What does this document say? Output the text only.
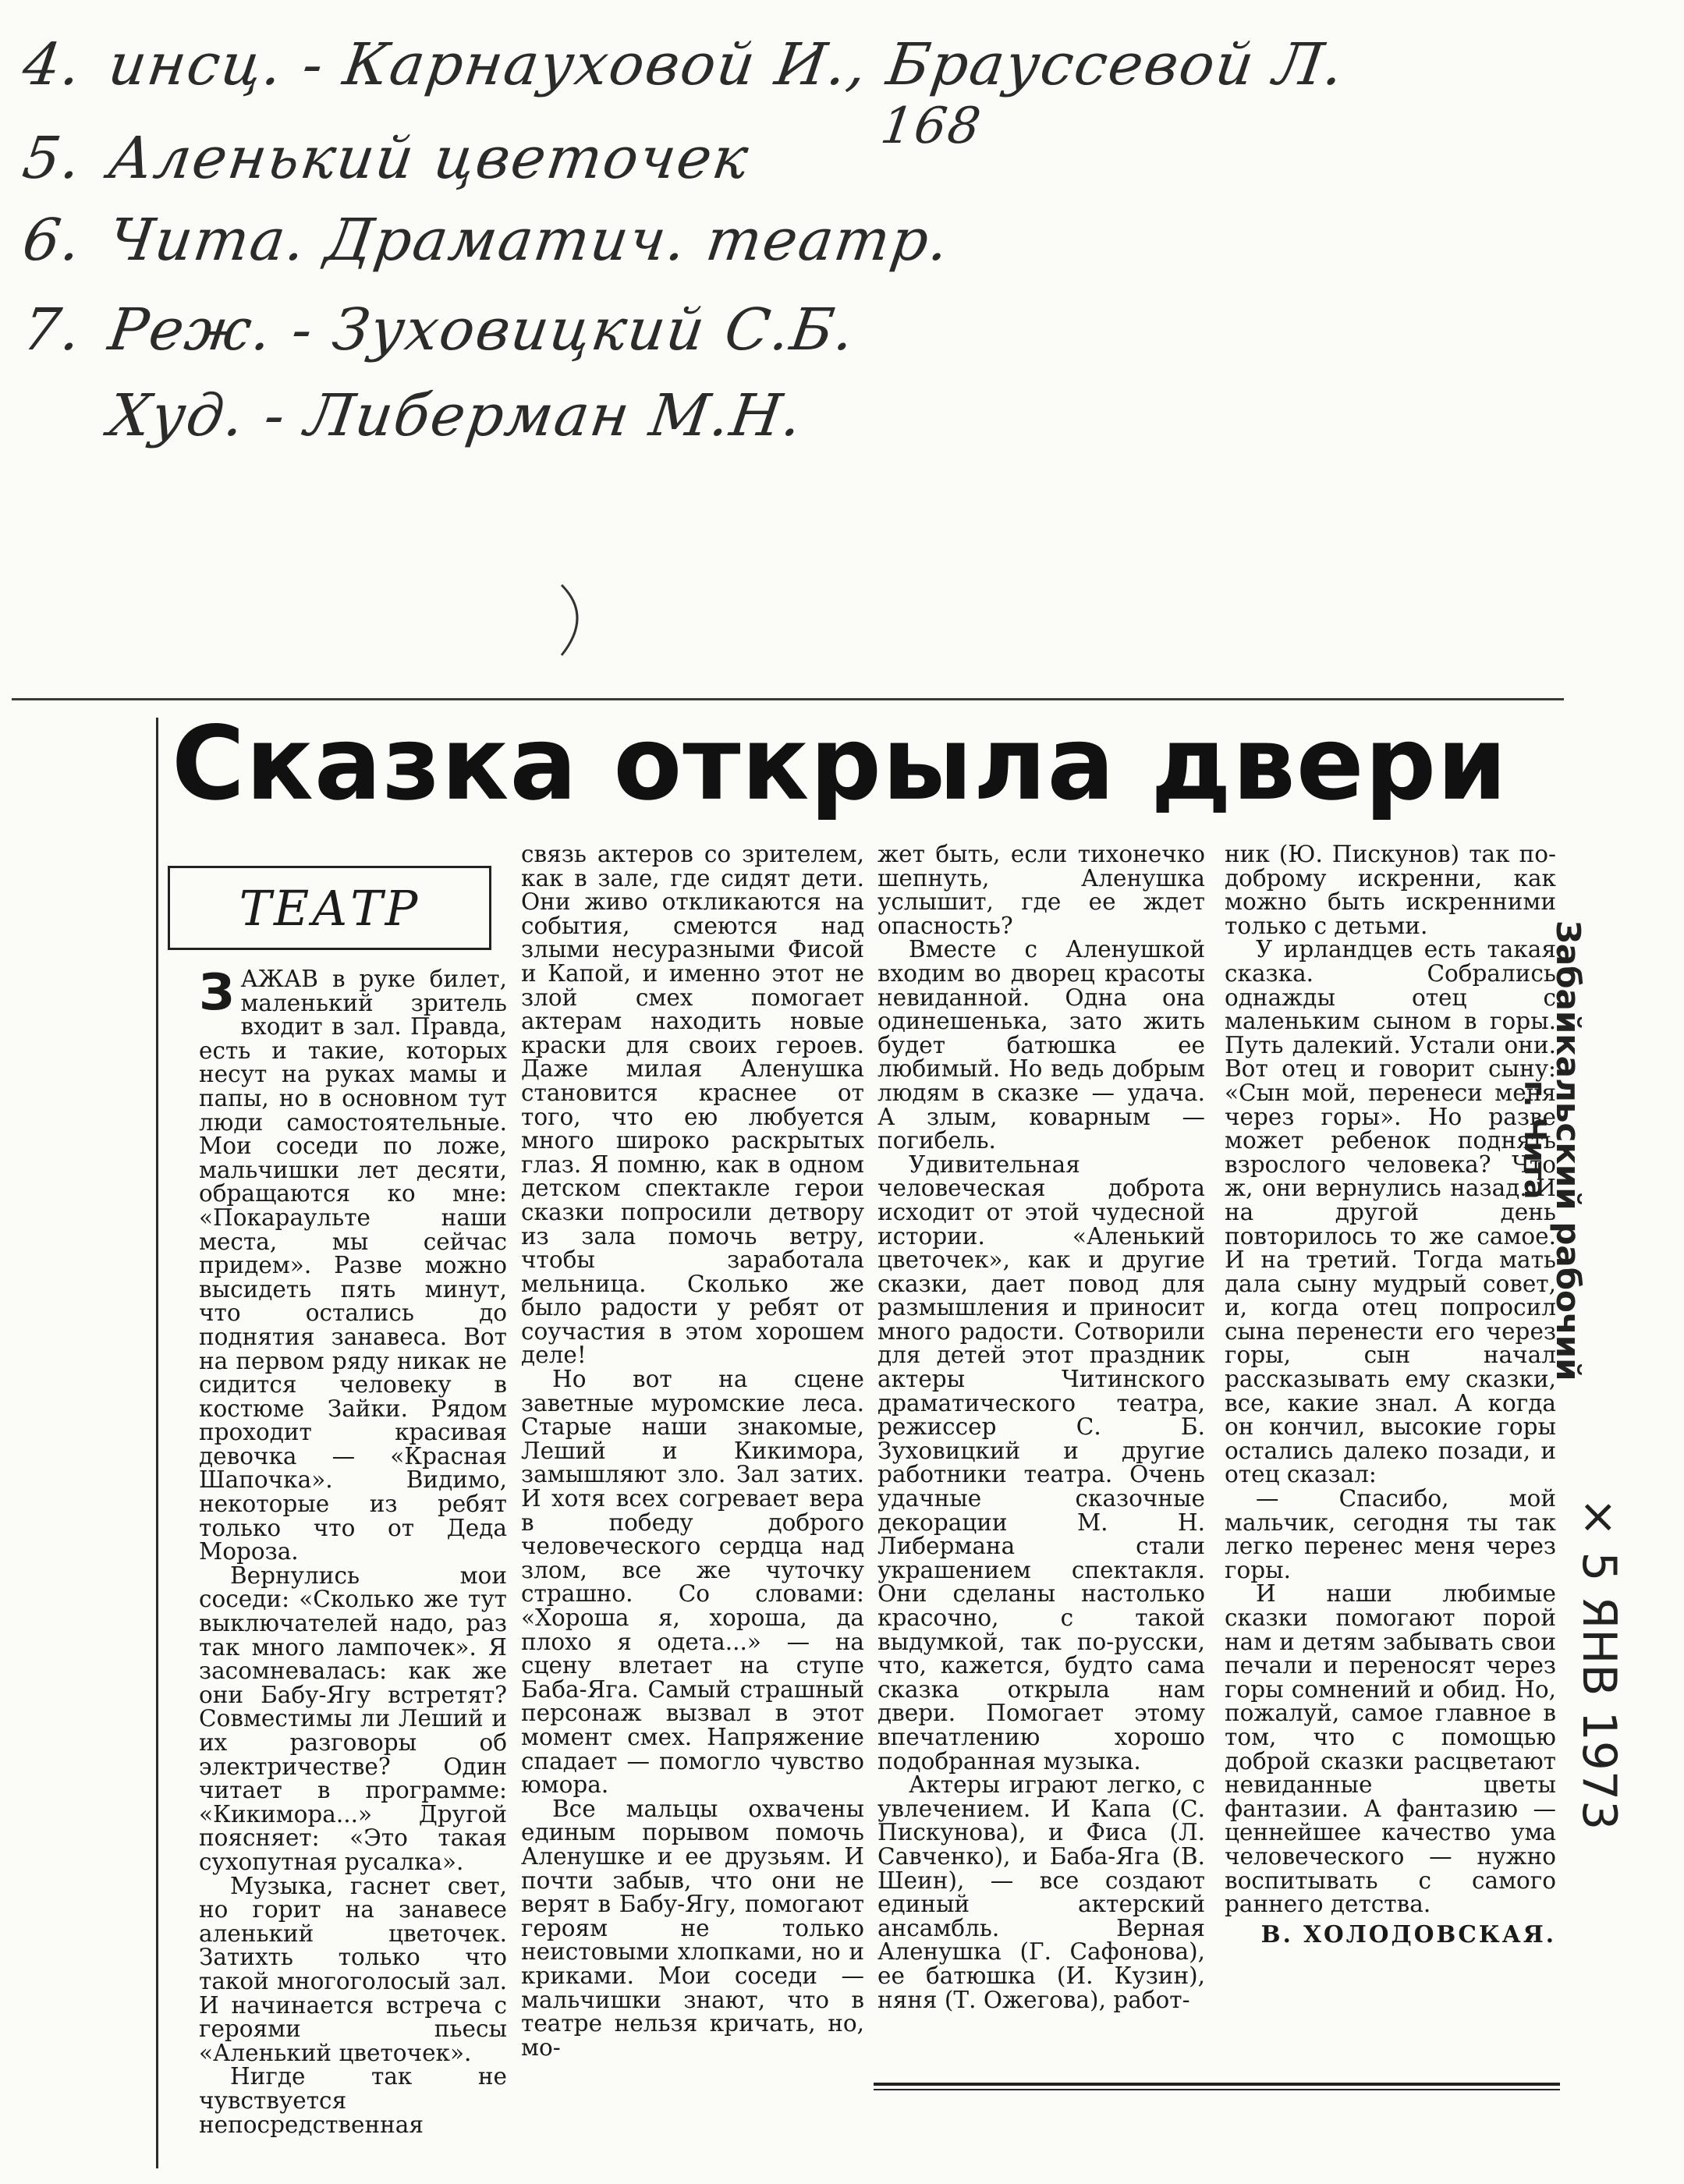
4. инсц. - Карнауховой И., Брауссевой Л.
168
5. Аленький цветочек
6. Чита. Драматич. театр.
7. Реж. - Зуховицкий С.Б.
Худ. - Либерман М.Н.
Сказка открыла двери
ТЕАТР

ЗАЖАВ в руке билет, маленький зритель входит в зал. Правда, есть и такие, которых несут на руках мамы и папы, но в основном тут люди самостоятельные. Мои соседи по ложе, мальчишки лет десяти, обращаются ко мне: «Покараульте наши места, мы сейчас придем». Разве можно высидеть пять минут, что остались до поднятия занавеса. Вот на первом ряду никак не сидится человеку в костюме Зайки. Рядом проходит красивая девочка — «Красная Шапочка». Видимо, некоторые из ребят только что от Деда Мороза.

Вернулись мои соседи: «Сколько же тут выключателей надо, раз так много лампочек». Я засомневалась: как же они Бабу-Ягу встретят? Совместимы ли Леший и их разговоры об электричестве? Один читает в программе: «Кикимора...» Другой поясняет: «Это такая сухопутная русалка».

Музыка, гаснет свет, но горит на занавесе аленький цветочек. Затихть только что такой многоголосый зал. И начинается встреча с героями пьесы «Аленький цветочек».

Нигде так не чувствуется непосредственная

связь актеров со зрителем, как в зале, где сидят дети. Они живо откликаются на события, смеются над злыми несуразными Фисой и Капой, и именно этот не злой смех помогает актерам находить новые краски для своих героев. Даже милая Аленушка становится краснее от того, что ею любуется много широко раскрытых глаз. Я помню, как в одном детском спектакле герои сказки попросили детвору из зала помочь ветру, чтобы заработала мельница. Сколько же было радости у ребят от соучастия в этом хорошем деле!

Но вот на сцене заветные муромские леса. Старые наши знакомые, Леший и Кикимора, замышляют зло. Зал затих. И хотя всех согревает вера в победу доброго человеческого сердца над злом, все же чуточку страшно. Со словами: «Хороша я, хороша, да плохо я одета...» — на сцену влетает на ступе Баба-Яга. Самый страшный персонаж вызвал в этот момент смех. Напряжение спадает — помогло чувство юмора.

Все мальцы охвачены единым порывом помочь Аленушке и ее друзьям. И почти забыв, что они не верят в Бабу-Ягу, помогают героям не только неистовыми хлопками, но и криками. Мои соседи — мальчишки знают, что в театре нельзя кричать, но, мо-

жет быть, если тихонечко шепнуть, Аленушка услышит, где ее ждет опасность?

Вместе с Аленушкой входим во дворец красоты невиданной. Одна она одинешенька, зато жить будет батюшка ее любимый. Но ведь добрым людям в сказке — удача. А злым, коварным — погибель.

Удивительная человеческая доброта исходит от этой чудесной истории. «Аленький цветочек», как и другие сказки, дает повод для размышления и приносит много радости. Сотворили для детей этот праздник актеры Читинского драматического театра, режиссер С. Б. Зуховицкий и другие работники театра. Очень удачные сказочные декорации М. Н. Либермана стали украшением спектакля. Они сделаны настолько красочно, с такой выдумкой, так по-русски, что, кажется, будто сама сказка открыла нам двери. Помогает этому впечатлению хорошо подобранная музыка.

Актеры играют легко, с увлечением. И Капа (С. Пискунова), и Фиса (Л. Савченко), и Баба-Яга (В. Шеин), — все создают единый актерский ансамбль. Верная Аленушка (Г. Сафонова), ее батюшка (И. Кузин), няня (Т. Ожегова), работ-

ник (Ю. Пискунов) так по-доброму искренни, как можно быть искренними только с детьми.

У ирландцев есть такая сказка. Собрались однажды отец с маленьким сыном в горы. Путь далекий. Устали они. Вот отец и говорит сыну: «Сын мой, перенеси меня через горы». Но разве может ребенок поднять взрослого человека? Что ж, они вернулись назад. И на другой день повторилось то же самое. И на третий. Тогда мать дала сыну мудрый совет, и, когда отец попросил сына перенести его через горы, сын начал рассказывать ему сказки, все, какие знал. А когда он кончил, высокие горы остались далеко позади, и отец сказал:

— Спасибо, мой мальчик, сегодня ты так легко перенес меня через горы.

И наши любимые сказки помогают порой нам и детям забывать свои печали и переносят через горы сомнений и обид. Но, пожалуй, самое главное в том, что с помощью доброй сказки расцветают невиданные цветы фантазии. А фантазию — ценнейшее качество ума человеческого — нужно воспитывать с самого раннего детства.

В. ХОЛОДОВСКАЯ.
Забайкальский рабочий
г. Чита
× 5 ЯНВ 1973
